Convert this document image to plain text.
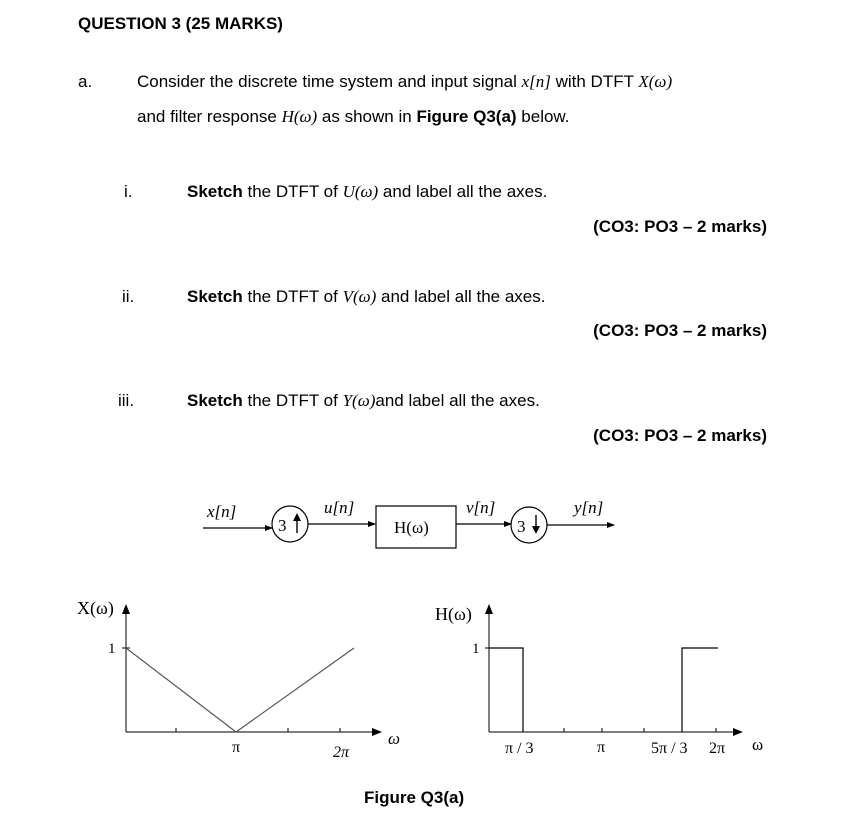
QUESTION 3 (25 MARKS)
a.	Consider the discrete time system and input signal x[n] with DTFT X(ω)
and filter response H(ω) as shown in Figure Q3(a) below.
i.	Sketch the DTFT of U(ω) and label all the axes.
(CO3: PO3 – 2 marks)
ii.	Sketch the DTFT of V(ω) and label all the axes.
(CO3: PO3 – 2 marks)
iii.	Sketch the DTFT of Y(ω)and label all the axes.
(CO3: PO3 – 2 marks)
x[n]
3
u[n]
H(ω)
v[n]
3
y[n]
X(ω)
1
π	2π
ω
H(ω)
1
π / 3	π	5π / 3 2π ω
Figure Q3(a)
